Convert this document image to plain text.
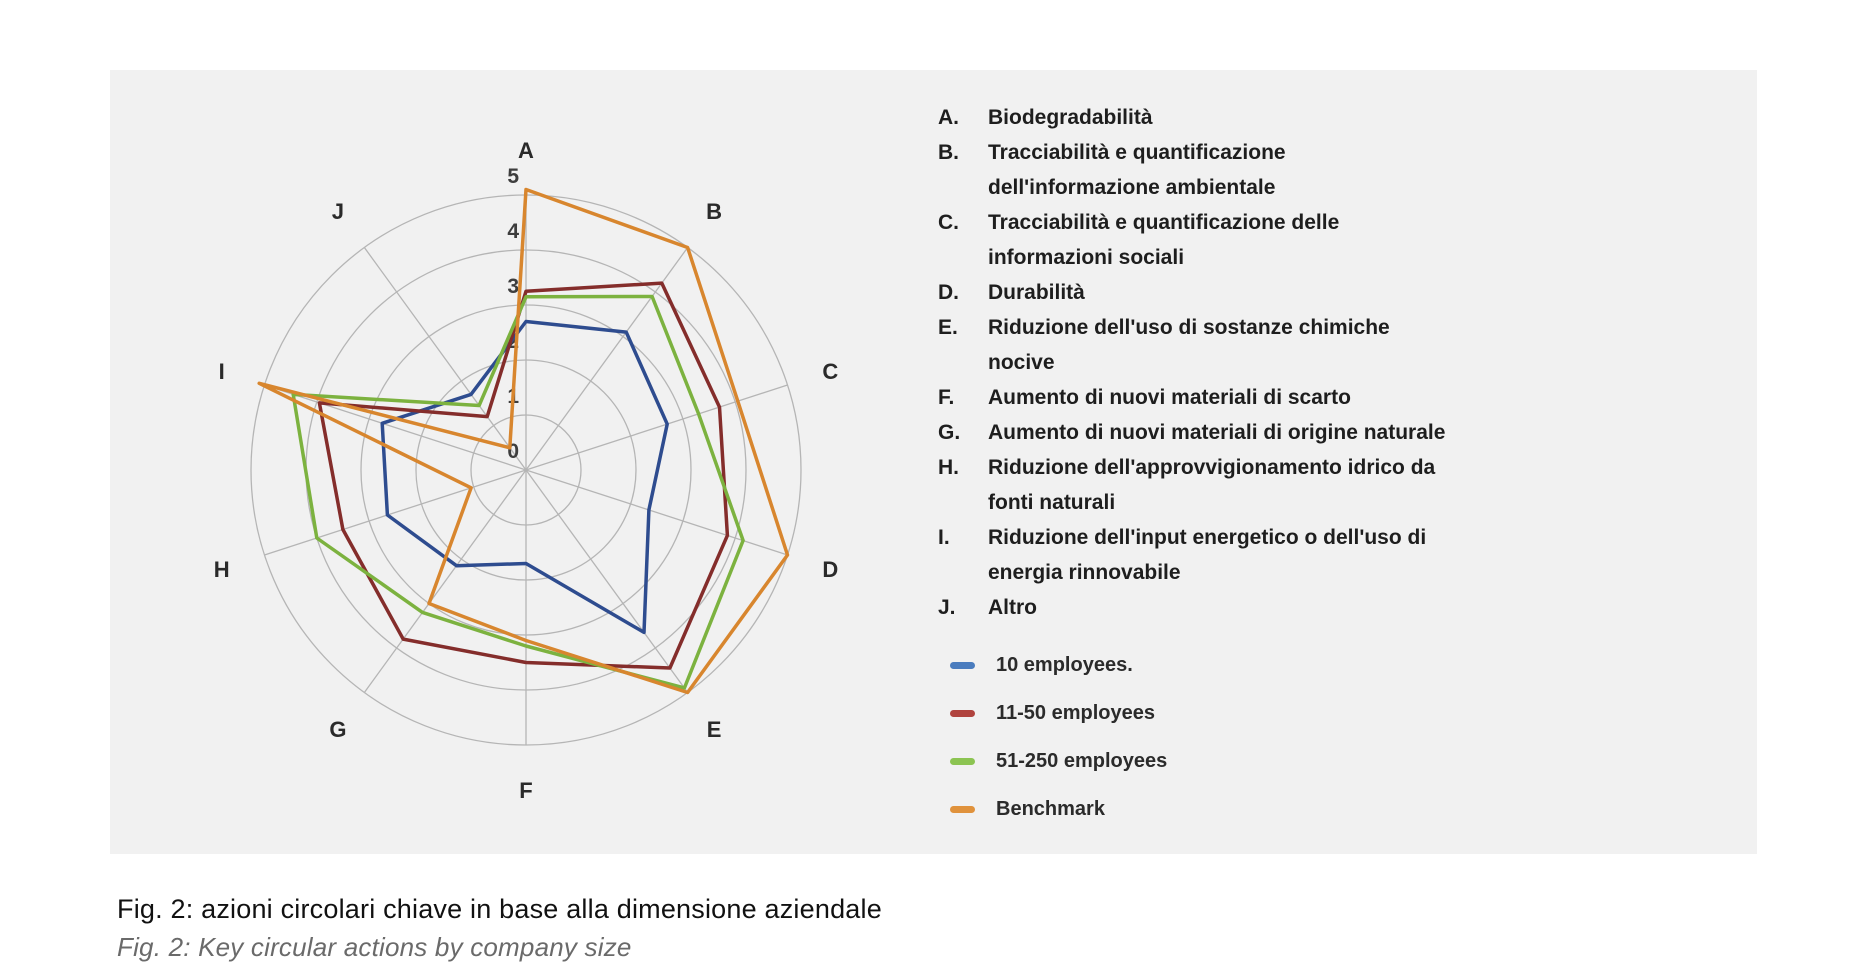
0
1
2
3
4
5
A
B
C
D
E
F
G
H
I
J
A.	Biodegradabilità
B.	Tracciabilità e quantificazione dell'informazione ambientale
C.	Tracciabilità e quantificazione delle informazioni sociali
D.	Durabilità
E.	Riduzione dell'uso di sostanze chimiche nocive
F.	Aumento di nuovi materiali di scarto
G.	Aumento di nuovi materiali di origine naturale
H.	Riduzione dell'approvvigionamento idrico da fonti naturali
I.	Riduzione dell'input energetico o dell'uso di energia rinnovabile
J.	Altro
10 employees.
11-50 employees
51-250 employees
Benchmark
Fig. 2: azioni circolari chiave in base alla dimensione aziendale
Fig. 2: Key circular actions by company size
